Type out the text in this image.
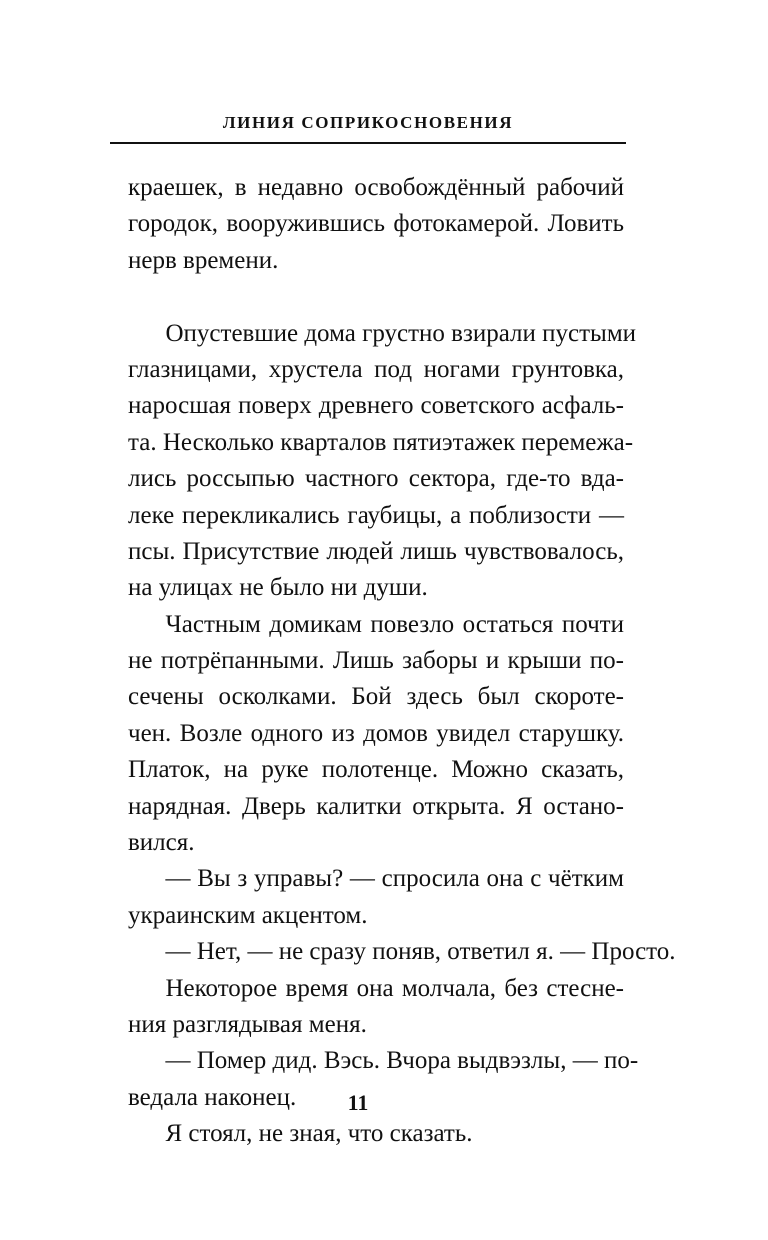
ЛИНИЯ СОПРИКОСНОВЕНИЯ
краешек, в недавно освобождённый рабочий
городок, вооружившись фотокамерой. Ловить
нерв времени.
  Опустевшие дома грустно взирали пустыми
глазницами, хрустела под ногами грунтовка,
наросшая поверх древнего советского асфаль-
та. Несколько кварталов пятиэтажек перемежа-
лись россыпью частного сектора, где-то вда-
леке перекликались гаубицы, а поблизости —
псы. Присутствие людей лишь чувствовалось,
на улицах не было ни души.
  Частным домикам повезло остаться почти
не потрёпанными. Лишь заборы и крыши по-
сечены осколками. Бой здесь был скороте-
чен. Возле одного из домов увидел старушку.
Платок, на руке полотенце. Можно сказать,
нарядная. Дверь калитки открыта. Я остано-
вился.
  — Вы з управы? — спросила она с чётким
украинским акцентом.
  — Нет, — не сразу поняв, ответил я. — Просто.
  Некоторое время она молчала, без стесне-
ния разглядывая меня.
  — Помер дид. Вэсь. Вчора выдвэзлы, — по-
ведала наконец.
  Я стоял, не зная, что сказать.
11
